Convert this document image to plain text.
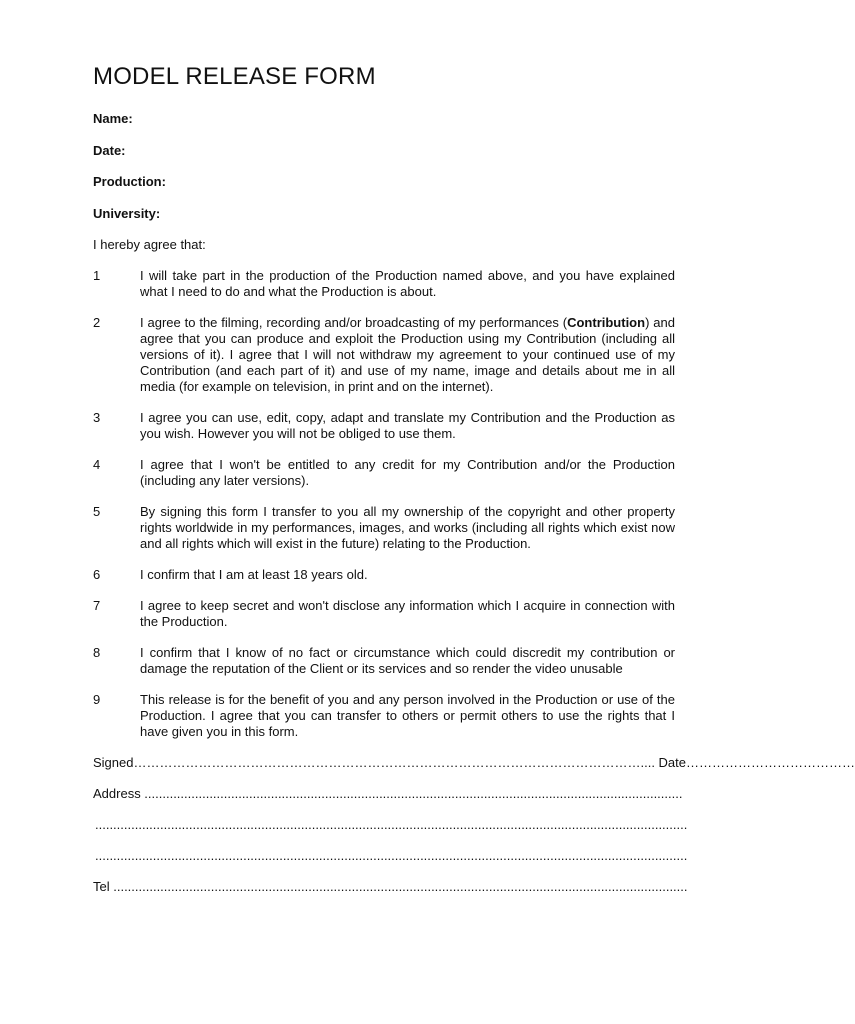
MODEL RELEASE FORM
Name:
Date:
Production:
University:
I hereby agree that:
1	I will take part in the production of the Production named above, and you have explained what I need to do and what the Production is about.
2	I agree to the filming, recording and/or broadcasting of my performances (Contribution) and agree that you can produce and exploit the Production using my Contribution (including all versions of it). I agree that I will not withdraw my agreement to your continued use of my Contribution (and each part of it) and use of my name, image and details about me in all media (for example on television, in print and on the internet).
3	I agree you can use, edit, copy, adapt and translate my Contribution and the Production as you wish. However you will not be obliged to use them.
4	I agree that I won't be entitled to any credit for my Contribution and/or the Production (including any later versions).
5	By signing this form I transfer to you all my ownership of the copyright and other property rights worldwide in my performances, images, and works (including all rights which exist now and all rights which will exist in the future) relating to the Production.
6	I confirm that I am at least 18 years old.
7	I agree to keep secret and won't disclose any information which I acquire in connection with the Production.
8	I confirm that I know of no fact or circumstance which could discredit my contribution or damage the reputation of the Client or its services and so render the video unusable
9	This release is for the benefit of you and any person involved in the Production or use of the Production. I agree that you can transfer to others or permit others to use the rights that I have given you in this form.
Signed……………………………………………………………………………………………………….... Date…………………………………
Address .....................................................................................................................................................
....................................................................................................................................................................
....................................................................................................................................................................
Tel ...............................................................................................................................................................
